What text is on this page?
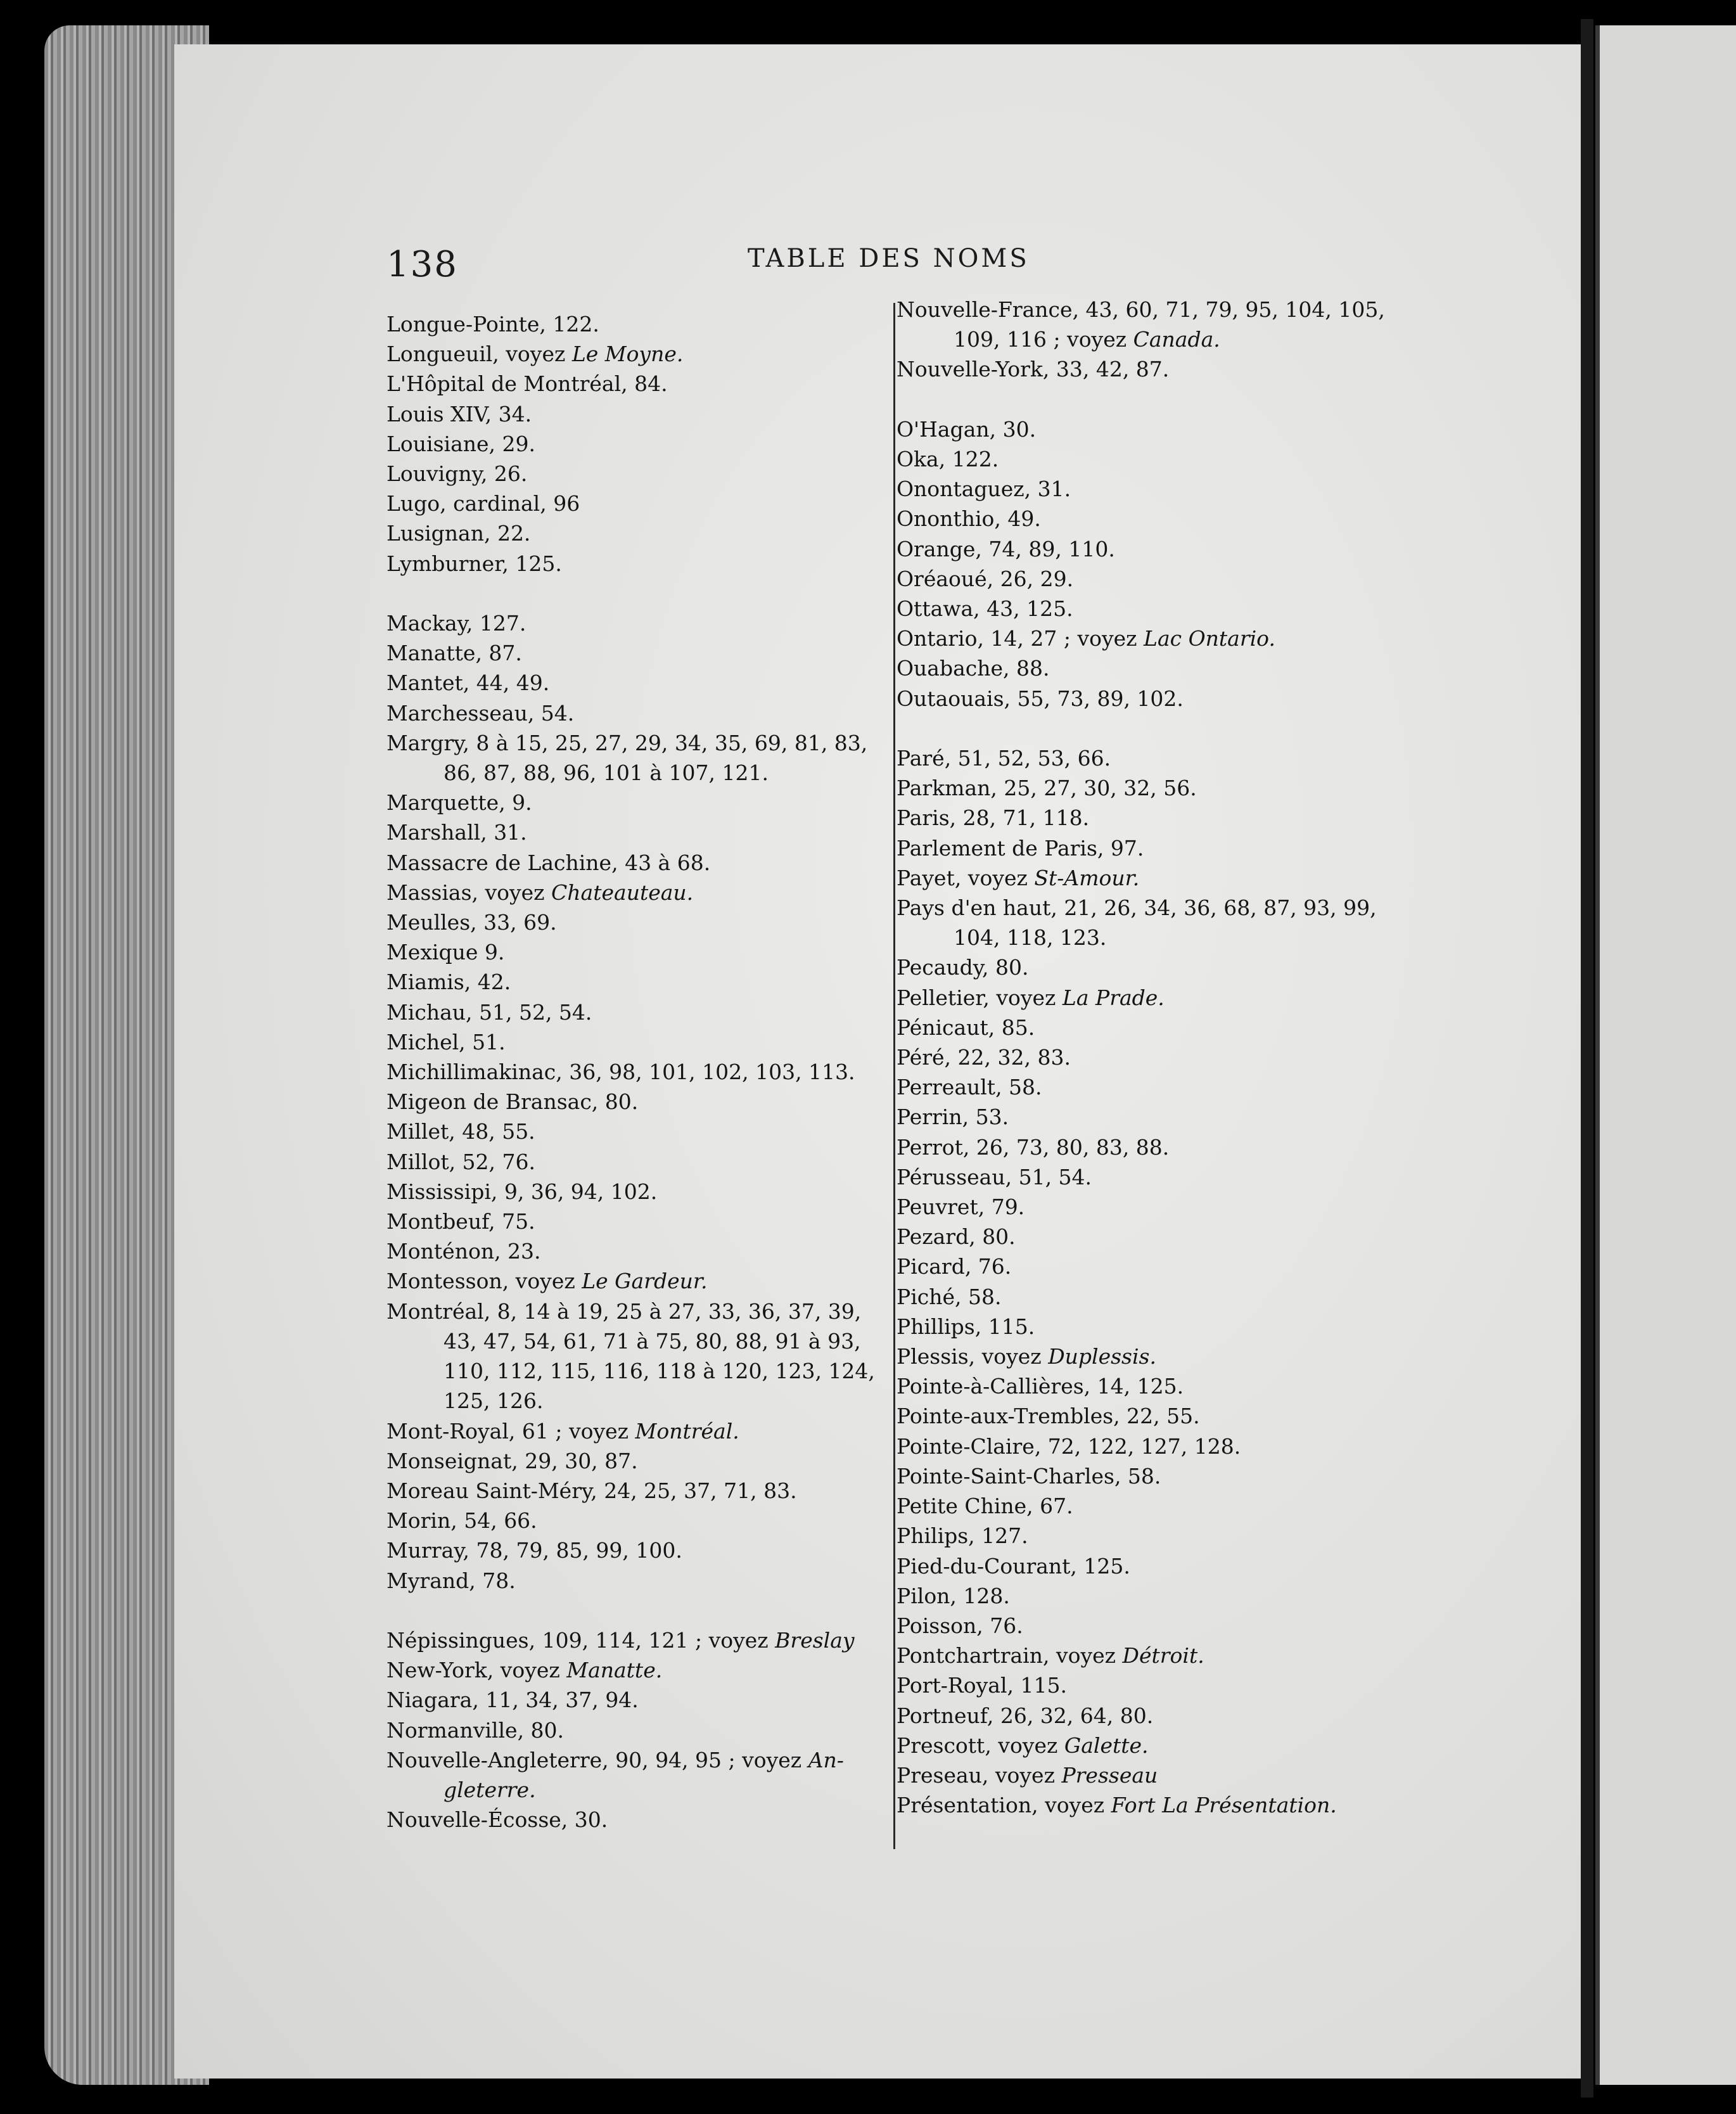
138	TABLE DES NOMS
Longue-Pointe, 122.
Longueuil, voyez Le Moyne.
L'Hôpital de Montréal, 84.
Louis XIV, 34.
Louisiane, 29.
Louvigny, 26.
Lugo, cardinal, 96
Lusignan, 22.
Lymburner, 125.
Mackay, 127.
Manatte, 87.
Mantet, 44, 49.
Marchesseau, 54.
Margry, 8 à 15, 25, 27, 29, 34, 35, 69, 81, 83,
86, 87, 88, 96, 101 à 107, 121.
Marquette, 9.
Marshall, 31.
Massacre de Lachine, 43 à 68.
Massias, voyez Chateauteau.
Meulles, 33, 69.
Mexique 9.
Miamis, 42.
Michau, 51, 52, 54.
Michel, 51.
Michillimakinac, 36, 98, 101, 102, 103, 113.
Migeon de Bransac, 80.
Millet, 48, 55.
Millot, 52, 76.
Mississipi, 9, 36, 94, 102.
Montbeuf, 75.
Monténon, 23.
Montesson, voyez Le Gardeur.
Montréal, 8, 14 à 19, 25 à 27, 33, 36, 37, 39,
43, 47, 54, 61, 71 à 75, 80, 88, 91 à 93,
110, 112, 115, 116, 118 à 120, 123, 124,
125, 126.
Mont-Royal, 61 ; voyez Montréal.
Monseignat, 29, 30, 87.
Moreau Saint-Méry, 24, 25, 37, 71, 83.
Morin, 54, 66.
Murray, 78, 79, 85, 99, 100.
Myrand, 78.
Népissingues, 109, 114, 121 ; voyez Breslay
New-York, voyez Manatte.
Niagara, 11, 34, 37, 94.
Normanville, 80.
Nouvelle-Angleterre, 90, 94, 95 ; voyez An-
gleterre.
Nouvelle-Écosse, 30.
Nouvelle-France, 43, 60, 71, 79, 95, 104, 105,
109, 116 ; voyez Canada.
Nouvelle-York, 33, 42, 87.
O'Hagan, 30.
Oka, 122.
Onontaguez, 31.
Ononthio, 49.
Orange, 74, 89, 110.
Oréaoué, 26, 29.
Ottawa, 43, 125.
Ontario, 14, 27 ; voyez Lac Ontario.
Ouabache, 88.
Outaouais, 55, 73, 89, 102.
Paré, 51, 52, 53, 66.
Parkman, 25, 27, 30, 32, 56.
Paris, 28, 71, 118.
Parlement de Paris, 97.
Payet, voyez St-Amour.
Pays d'en haut, 21, 26, 34, 36, 68, 87, 93, 99,
104, 118, 123.
Pecaudy, 80.
Pelletier, voyez La Prade.
Pénicaut, 85.
Péré, 22, 32, 83.
Perreault, 58.
Perrin, 53.
Perrot, 26, 73, 80, 83, 88.
Pérusseau, 51, 54.
Peuvret, 79.
Pezard, 80.
Picard, 76.
Piché, 58.
Phillips, 115.
Plessis, voyez Duplessis.
Pointe-à-Callières, 14, 125.
Pointe-aux-Trembles, 22, 55.
Pointe-Claire, 72, 122, 127, 128.
Pointe-Saint-Charles, 58.
Petite Chine, 67.
Philips, 127.
Pied-du-Courant, 125.
Pilon, 128.
Poisson, 76.
Pontchartrain, voyez Détroit.
Port-Royal, 115.
Portneuf, 26, 32, 64, 80.
Prescott, voyez Galette.
Preseau, voyez Presseau
Présentation, voyez Fort La Présentation.
